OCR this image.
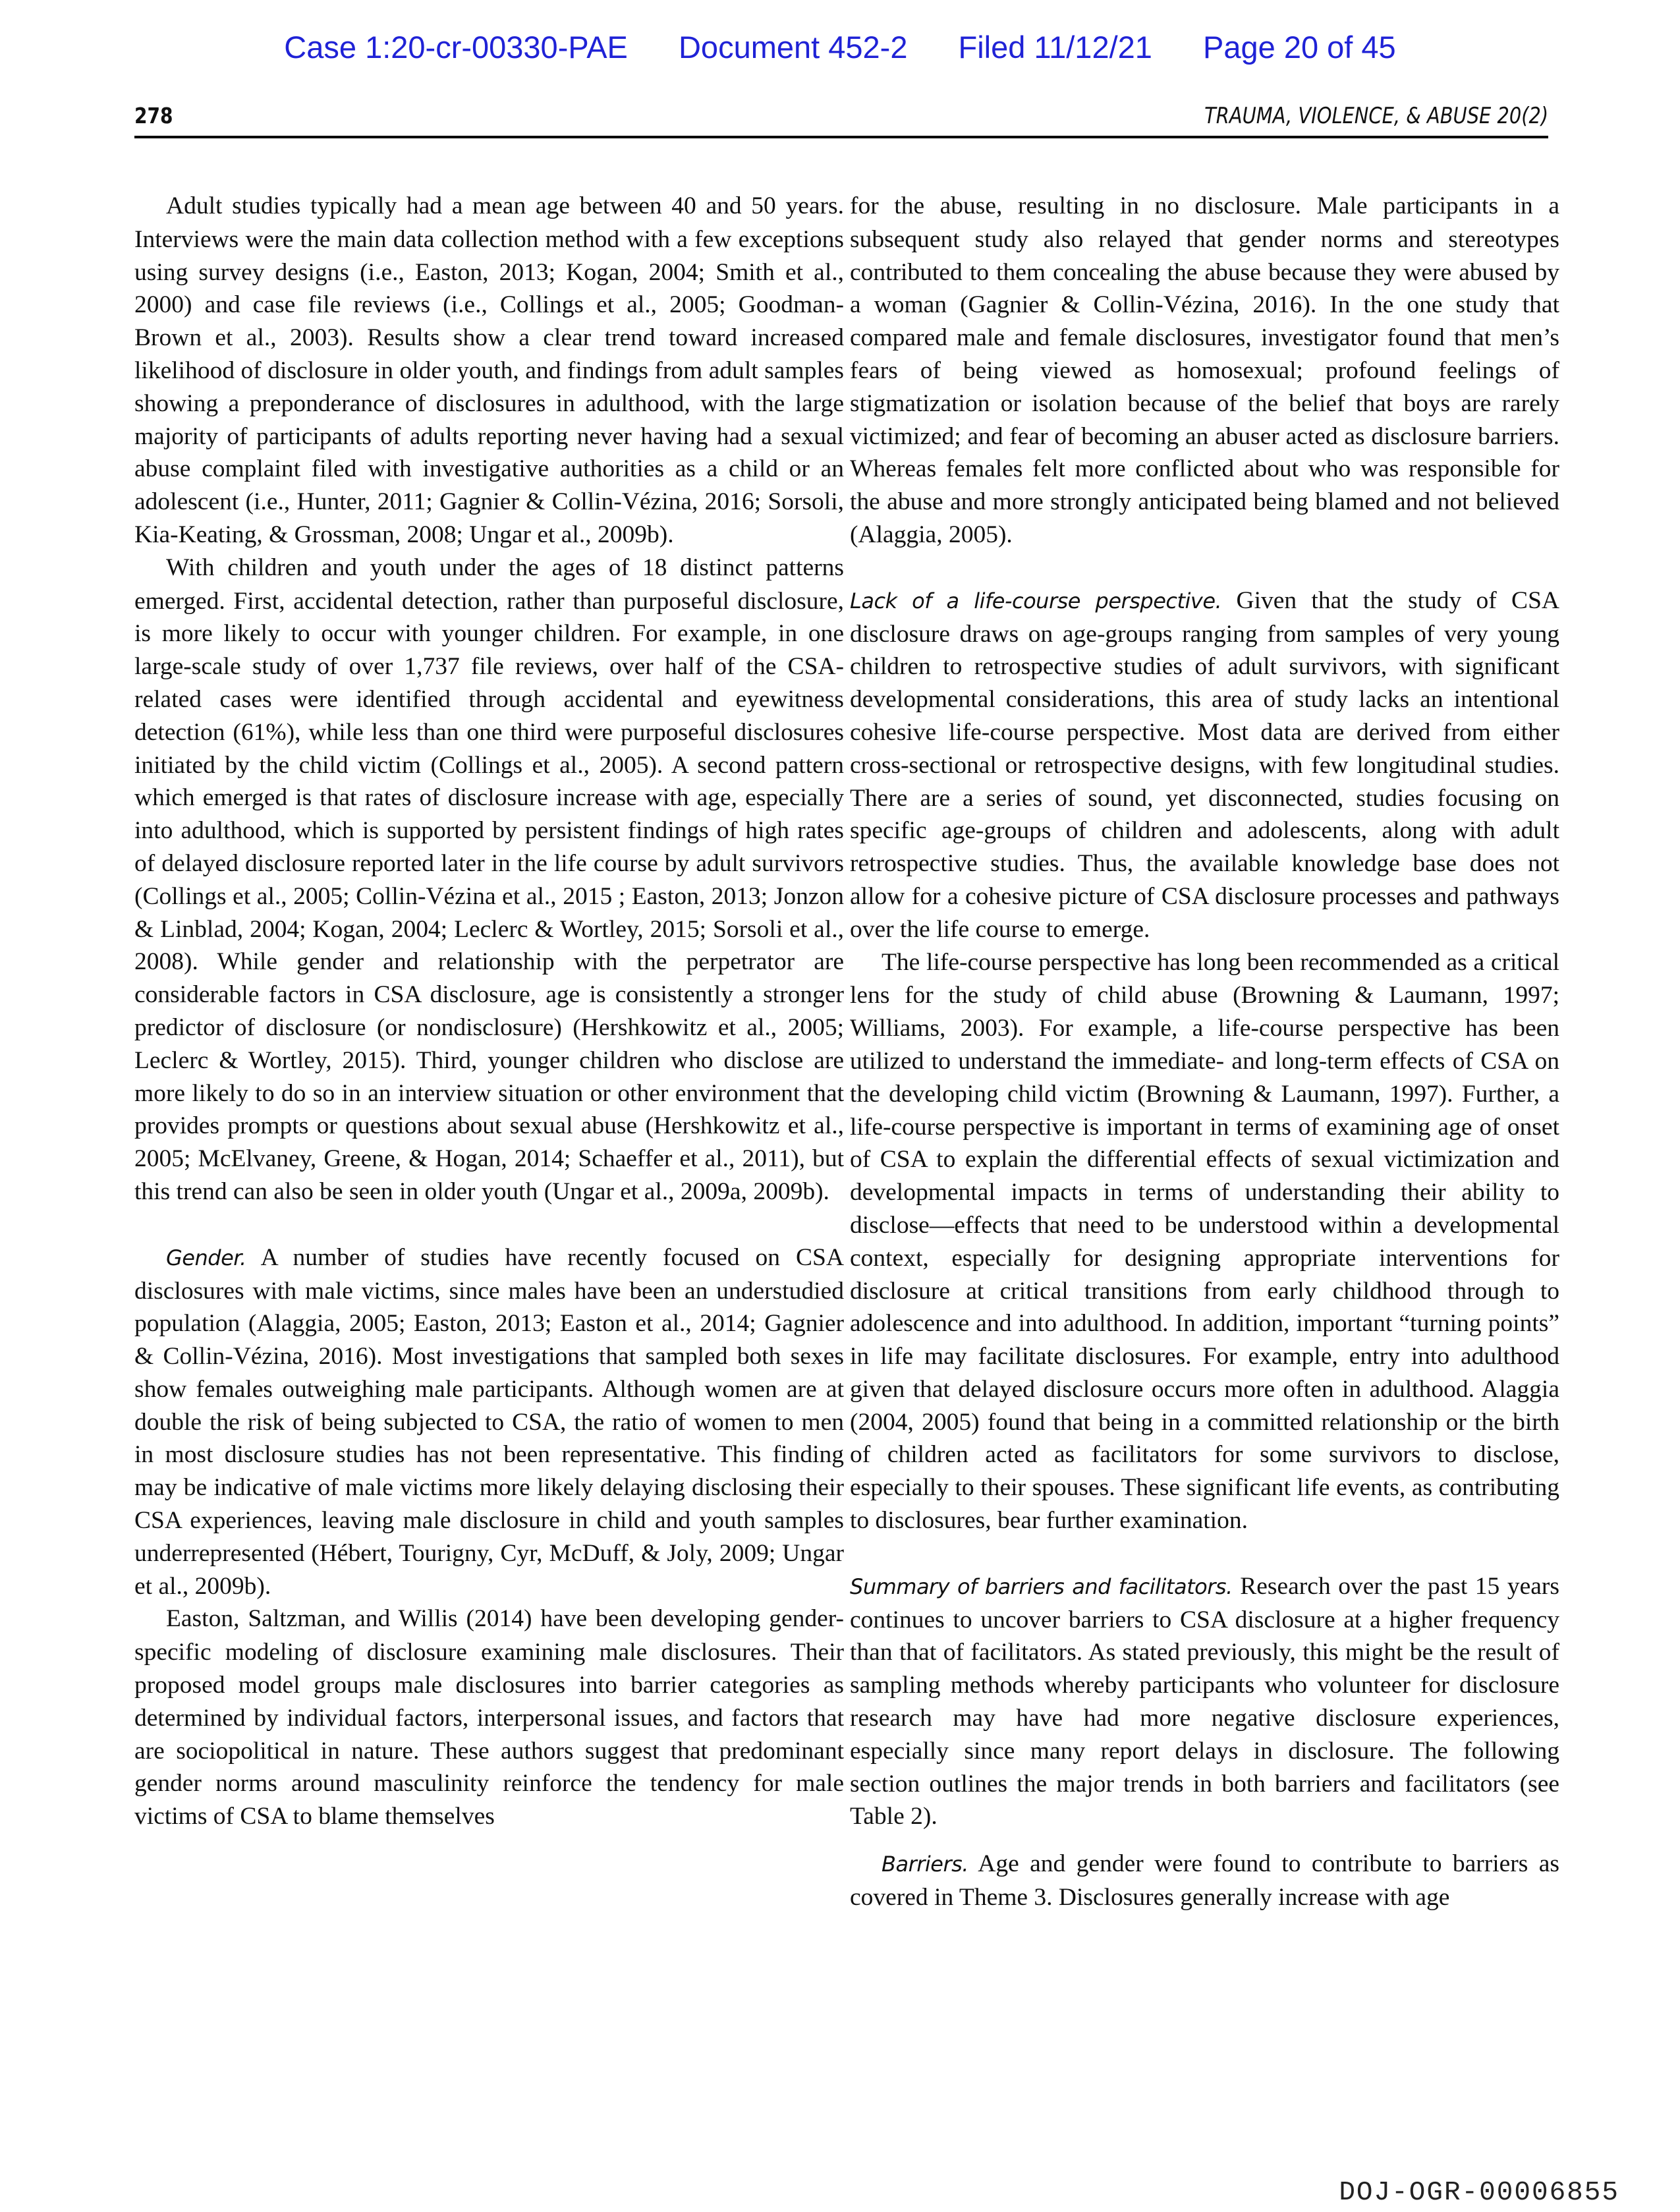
Case 1:20-cr-00330-PAE Document 452-2 Filed 11/12/21 Page 20 of 45
278	TRAUMA, VIOLENCE, & ABUSE 20(2)

Adult studies typically had a mean age between 40 and 50 years. Interviews were the main data collection method with a few exceptions using survey designs (i.e., Easton, 2013; Kogan, 2004; Smith et al., 2000) and case file reviews (i.e., Collings et al., 2005; Goodman-Brown et al., 2003). Results show a clear trend toward increased likelihood of disclosure in older youth, and findings from adult samples showing a preponderance of disclosures in adulthood, with the large majority of participants of adults reporting never having had a sexual abuse complaint filed with investigative authorities as a child or an adolescent (i.e., Hunter, 2011; Gagnier & Collin-Vézina, 2016; Sorsoli, Kia-Keating, & Grossman, 2008; Ungar et al., 2009b).

With children and youth under the ages of 18 distinct patterns emerged. First, accidental detection, rather than purposeful disclosure, is more likely to occur with younger children. For example, in one large-scale study of over 1,737 file reviews, over half of the CSA-related cases were identified through accidental and eyewitness detection (61%), while less than one third were purposeful disclosures initiated by the child victim (Collings et al., 2005). A second pattern which emerged is that rates of disclosure increase with age, especially into adulthood, which is supported by persistent findings of high rates of delayed disclosure reported later in the life course by adult survivors (Collings et al., 2005; Collin-Vézina et al., 2015 ; Easton, 2013; Jonzon & Linblad, 2004; Kogan, 2004; Leclerc & Wortley, 2015; Sorsoli et al., 2008). While gender and relationship with the perpetrator are considerable factors in CSA disclosure, age is consistently a stronger predictor of disclosure (or nondisclosure) (Hershkowitz et al., 2005; Leclerc & Wortley, 2015). Third, younger children who disclose are more likely to do so in an interview situation or other environment that provides prompts or questions about sexual abuse (Hershkowitz et al., 2005; McElvaney, Greene, & Hogan, 2014; Schaeffer et al., 2011), but this trend can also be seen in older youth (Ungar et al., 2009a, 2009b).

Gender. A number of studies have recently focused on CSA disclosures with male victims, since males have been an understudied population (Alaggia, 2005; Easton, 2013; Easton et al., 2014; Gagnier & Collin-Vézina, 2016). Most investigations that sampled both sexes show females outweighing male participants. Although women are at double the risk of being subjected to CSA, the ratio of women to men in most disclosure studies has not been representative. This finding may be indicative of male victims more likely delaying disclosing their CSA experiences, leaving male disclosure in child and youth samples underrepresented (Hébert, Tourigny, Cyr, McDuff, & Joly, 2009; Ungar et al., 2009b).

Easton, Saltzman, and Willis (2014) have been developing gender-specific modeling of disclosure examining male disclosures. Their proposed model groups male disclosures into barrier categories as determined by individual factors, interpersonal issues, and factors that are sociopolitical in nature. These authors suggest that predominant gender norms around masculinity reinforce the tendency for male victims of CSA to blame themselves

for the abuse, resulting in no disclosure. Male participants in a subsequent study also relayed that gender norms and stereotypes contributed to them concealing the abuse because they were abused by a woman (Gagnier & Collin-Vézina, 2016). In the one study that compared male and female disclosures, investigator found that men’s fears of being viewed as homosexual; profound feelings of stigmatization or isolation because of the belief that boys are rarely victimized; and fear of becoming an abuser acted as disclosure barriers. Whereas females felt more conflicted about who was responsible for the abuse and more strongly anticipated being blamed and not believed (Alaggia, 2005).

Lack of a life-course perspective. Given that the study of CSA disclosure draws on age-groups ranging from samples of very young children to retrospective studies of adult survivors, with significant developmental considerations, this area of study lacks an intentional cohesive life-course perspective. Most data are derived from either cross-sectional or retrospective designs, with few longitudinal studies. There are a series of sound, yet disconnected, studies focusing on specific age-groups of children and adolescents, along with adult retrospective studies. Thus, the available knowledge base does not allow for a cohesive picture of CSA disclosure processes and pathways over the life course to emerge.

The life-course perspective has long been recommended as a critical lens for the study of child abuse (Browning & Laumann, 1997; Williams, 2003). For example, a life-course perspective has been utilized to understand the immediate- and long-term effects of CSA on the developing child victim (Browning & Laumann, 1997). Further, a life-course perspective is important in terms of examining age of onset of CSA to explain the differential effects of sexual victimization and developmental impacts in terms of understanding their ability to disclose—effects that need to be understood within a developmental context, especially for designing appropriate interventions for disclosure at critical transitions from early childhood through to adolescence and into adulthood. In addition, important “turning points” in life may facilitate disclosures. For example, entry into adulthood given that delayed disclosure occurs more often in adulthood. Alaggia (2004, 2005) found that being in a committed relationship or the birth of children acted as facilitators for some survivors to disclose, especially to their spouses. These significant life events, as contributing to disclosures, bear further examination.

Summary of barriers and facilitators. Research over the past 15 years continues to uncover barriers to CSA disclosure at a higher frequency than that of facilitators. As stated previously, this might be the result of sampling methods whereby participants who volunteer for disclosure research may have had more negative disclosure experiences, especially since many report delays in disclosure. The following section outlines the major trends in both barriers and facilitators (see Table 2).

Barriers. Age and gender were found to contribute to barriers as covered in Theme 3. Disclosures generally increase with age

DOJ-OGR-00006855
